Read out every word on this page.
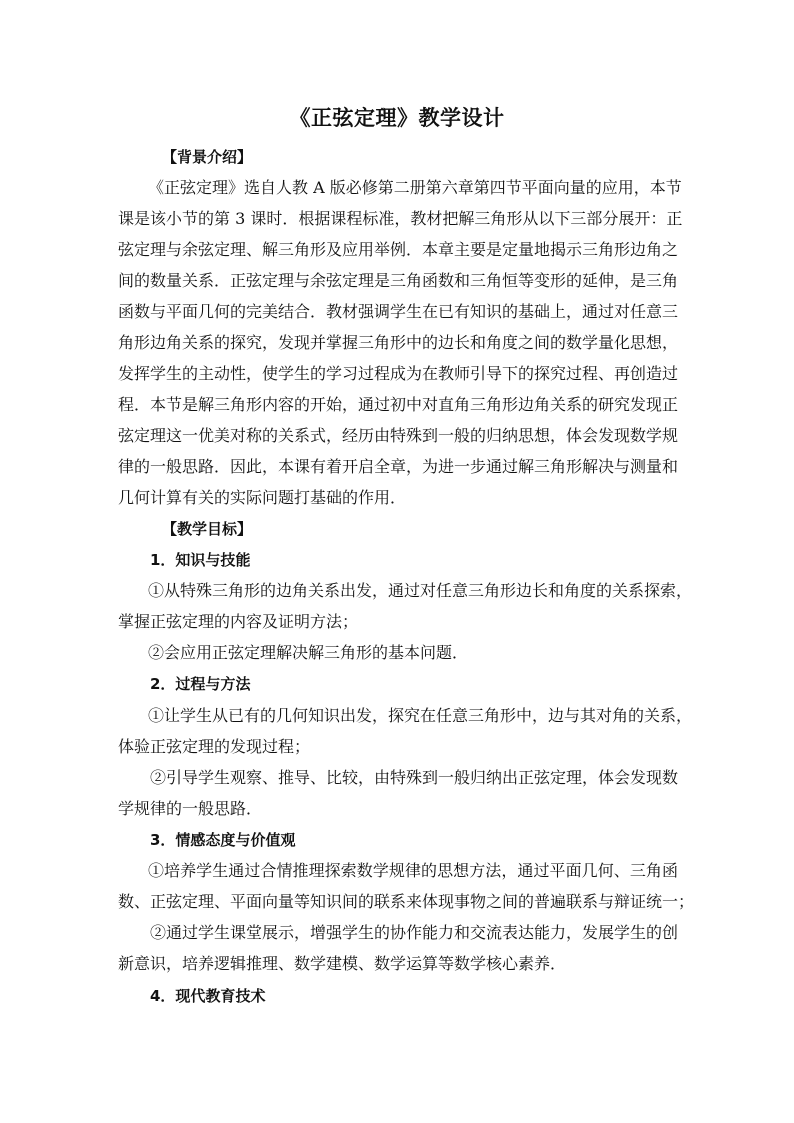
《正弦定理》教学设计
【背景介绍】
《正弦定理》选自人教 A 版必修第二册第六章第四节平面向量的应用，本节
课是该小节的第 3 课时．根据课程标准，教材把解三角形从以下三部分展开：正
弦定理与余弦定理、解三角形及应用举例．本章主要是定量地揭示三角形边角之
间的数量关系．正弦定理与余弦定理是三角函数和三角恒等变形的延伸，是三角
函数与平面几何的完美结合．教材强调学生在已有知识的基础上，通过对任意三
角形边角关系的探究，发现并掌握三角形中的边长和角度之间的数学量化思想，
发挥学生的主动性，使学生的学习过程成为在教师引导下的探究过程、再创造过
程．本节是解三角形内容的开始，通过初中对直角三角形边角关系的研究发现正
弦定理这一优美对称的关系式，经历由特殊到一般的归纳思想，体会发现数学规
律的一般思路．因此，本课有着开启全章，为进一步通过解三角形解决与测量和
几何计算有关的实际问题打基础的作用．
【教学目标】
1．知识与技能
①从特殊三角形的边角关系出发，通过对任意三角形边长和角度的关系探索，
掌握正弦定理的内容及证明方法；
②会应用正弦定理解决解三角形的基本问题．
2．过程与方法
①让学生从已有的几何知识出发，探究在任意三角形中，边与其对角的关系，
体验正弦定理的发现过程；
②引导学生观察、推导、比较，由特殊到一般归纳出正弦定理，体会发现数
学规律的一般思路．
3．情感态度与价值观
①培养学生通过合情推理探索数学规律的思想方法，通过平面几何、三角函
数、正弦定理、平面向量等知识间的联系来体现事物之间的普遍联系与辩证统一；
②通过学生课堂展示，增强学生的协作能力和交流表达能力，发展学生的创
新意识，培养逻辑推理、数学建模、数学运算等数学核心素养．
4．现代教育技术
